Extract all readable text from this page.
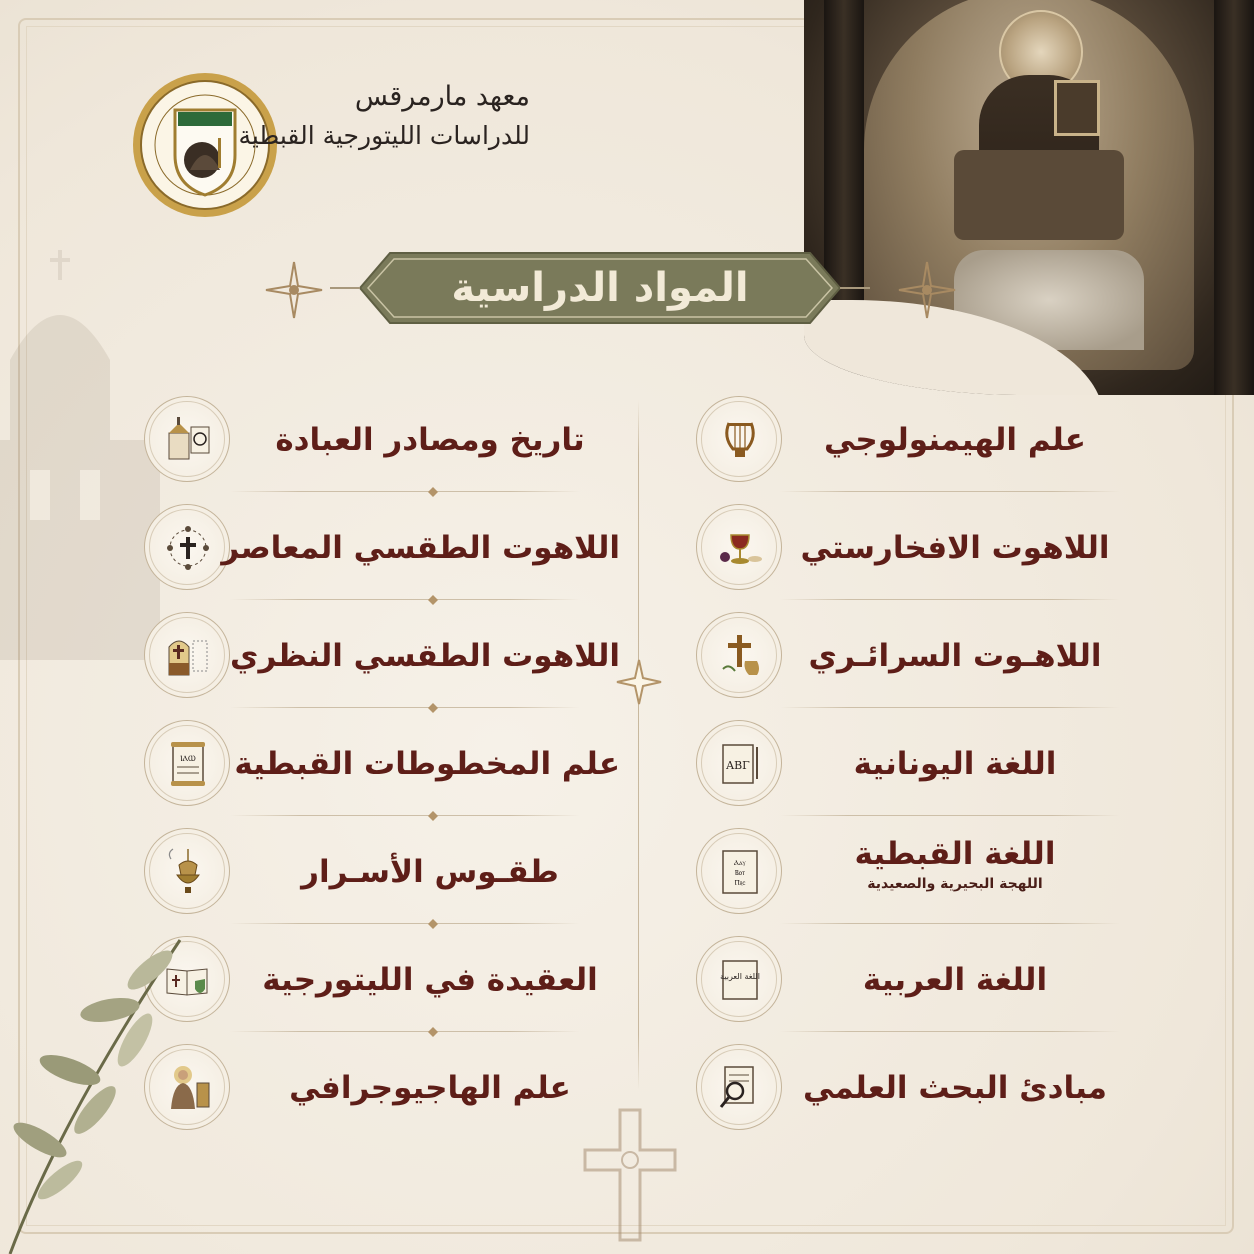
معهد مارمرقس
للدراسات الليتورجية القبطية
المواد الدراسية
علم الهيمنولوجي
اللاهوت الافخارستي
اللاهـوت السرائـري
ΑΒΓ	اللغة اليونانية
Ⲁⲁⲩ
Ⲃⲟⲧ
Ⲡⲝⲥ
اللغة القبطية
اللهجة البحيرية والصعيدية
اللغة العربية	اللغة العربية
مبادئ البحث العلمي
تاريخ ومصادر العبادة
اللاهوت الطقسي المعاصر
اللاهوت الطقسي النظري
ⲒⲀⲰ علم المخطوطات القبطية
طقـوس الأسـرار
العقيدة في الليتورجية
علم الهاجيوجرافي
